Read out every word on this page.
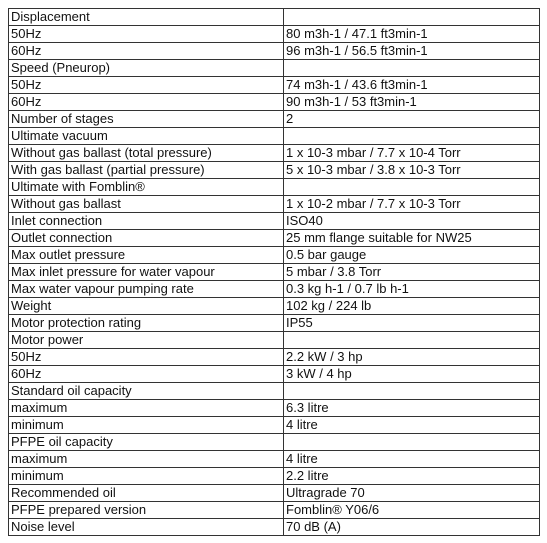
Displacement	
50Hz	80 m3h-1 / 47.1 ft3min-1
60Hz	96 m3h-1 / 56.5 ft3min-1
Speed (Pneurop)	
50Hz	74 m3h-1 / 43.6 ft3min-1
60Hz	90 m3h-1 / 53 ft3min-1
Number of stages	2
Ultimate vacuum	
Without gas ballast (total pressure)	1 x 10-3 mbar / 7.7 x 10-4 Torr
With gas ballast (partial pressure)	5 x 10-3 mbar / 3.8 x 10-3 Torr
Ultimate with Fomblin®	
Without gas ballast	1 x 10-2 mbar / 7.7 x 10-3 Torr
Inlet connection	ISO40
Outlet connection	25 mm flange suitable for NW25
Max outlet pressure	0.5 bar gauge
Max inlet pressure for water vapour	5 mbar / 3.8 Torr
Max water vapour pumping rate	0.3 kg h-1 / 0.7 lb h-1
Weight	102 kg / 224 lb
Motor protection rating	IP55
Motor power	
50Hz	2.2 kW / 3 hp
60Hz	3 kW / 4 hp
Standard oil capacity	
maximum	6.3 litre
minimum	4 litre
PFPE oil capacity	
maximum	4 litre
minimum	2.2 litre
Recommended oil	Ultragrade 70
PFPE prepared version	Fomblin® Y06/6
Noise level	70 dB (A)
